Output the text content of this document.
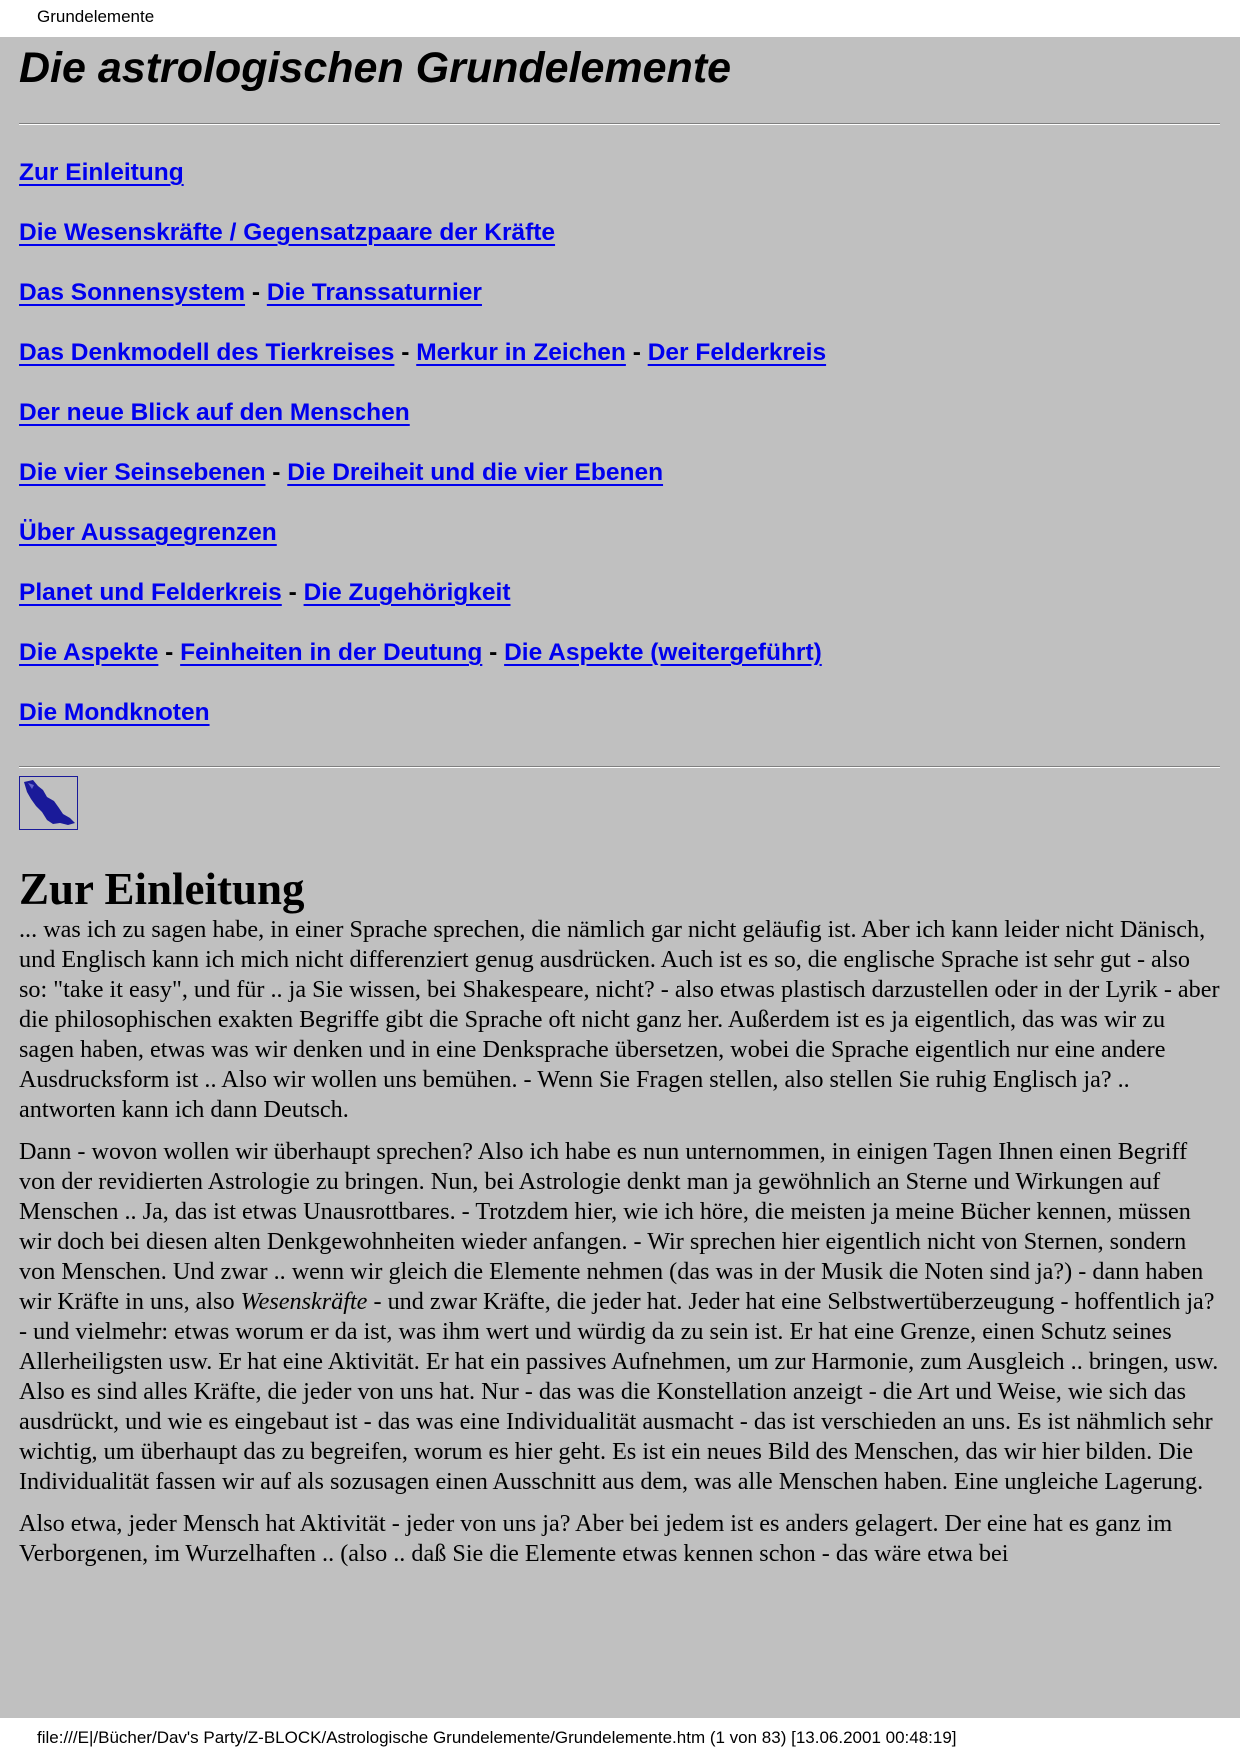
Grundelemente
Die astrologischen Grundelemente
Zur Einleitung
Die Wesenskräfte / Gegensatzpaare der Kräfte
Das Sonnensystem - Die Transsaturnier
Das Denkmodell des Tierkreises - Merkur in Zeichen - Der Felderkreis
Der neue Blick auf den Menschen
Die vier Seinsebenen - Die Dreiheit und die vier Ebenen
Über Aussagegrenzen
Planet und Felderkreis - Die Zugehörigkeit
Die Aspekte - Feinheiten in der Deutung - Die Aspekte (weitergeführt)
Die Mondknoten
Zur Einleitung

... was ich zu sagen habe, in einer Sprache sprechen, die nämlich gar nicht geläufig ist. Aber ich kann leider nicht Dänisch, und Englisch kann ich mich nicht differenziert genug ausdrücken. Auch ist es so, die englische Sprache ist sehr gut - also so: "take it easy", und für .. ja Sie wissen, bei Shakespeare, nicht? - also etwas plastisch darzustellen oder in der Lyrik - aber die philosophischen exakten Begriffe gibt die Sprache oft nicht ganz her. Außerdem ist es ja eigentlich, das was wir zu sagen haben, etwas was wir denken und in eine Denksprache übersetzen, wobei die Sprache eigentlich nur eine andere Ausdrucksform ist .. Also wir wollen uns bemühen. - Wenn Sie Fragen stellen, also stellen Sie ruhig Englisch ja? .. antworten kann ich dann Deutsch.

Dann - wovon wollen wir überhaupt sprechen? Also ich habe es nun unternommen, in einigen Tagen Ihnen einen Begriff von der revidierten Astrologie zu bringen. Nun, bei Astrologie denkt man ja gewöhnlich an Sterne und Wirkungen auf Menschen .. Ja, das ist etwas Unausrottbares. - Trotzdem hier, wie ich höre, die meisten ja meine Bücher kennen, müssen wir doch bei diesen alten Denkgewohnheiten wieder anfangen. - Wir sprechen hier eigentlich nicht von Sternen, sondern von Menschen. Und zwar .. wenn wir gleich die Elemente nehmen (das was in der Musik die Noten sind ja?) - dann haben wir Kräfte in uns, also Wesenskräfte - und zwar Kräfte, die jeder hat. Jeder hat eine Selbstwertüberzeugung - hoffentlich ja? - und vielmehr: etwas worum er da ist, was ihm wert und würdig da zu sein ist. Er hat eine Grenze, einen Schutz seines Allerheiligsten usw. Er hat eine Aktivität. Er hat ein passives Aufnehmen, um zur Harmonie, zum Ausgleich .. bringen, usw. Also es sind alles Kräfte, die jeder von uns hat. Nur - das was die Konstellation anzeigt - die Art und Weise, wie sich das ausdrückt, und wie es eingebaut ist - das was eine Individualität ausmacht - das ist verschieden an uns. Es ist nähmlich sehr wichtig, um überhaupt das zu begreifen, worum es hier geht. Es ist ein neues Bild des Menschen, das wir hier bilden. Die Individualität fassen wir auf als sozusagen einen Ausschnitt aus dem, was alle Menschen haben. Eine ungleiche Lagerung.

Also etwa, jeder Mensch hat Aktivität - jeder von uns ja? Aber bei jedem ist es anders gelagert. Der eine hat es ganz im Verborgenen, im Wurzelhaften .. (also .. daß Sie die Elemente etwas kennen schon - das wäre etwa bei

file:///E|/Bücher/Dav's Party/Z-BLOCK/Astrologische Grundelemente/Grundelemente.htm (1 von 83) [13.06.2001 00:48:19]
